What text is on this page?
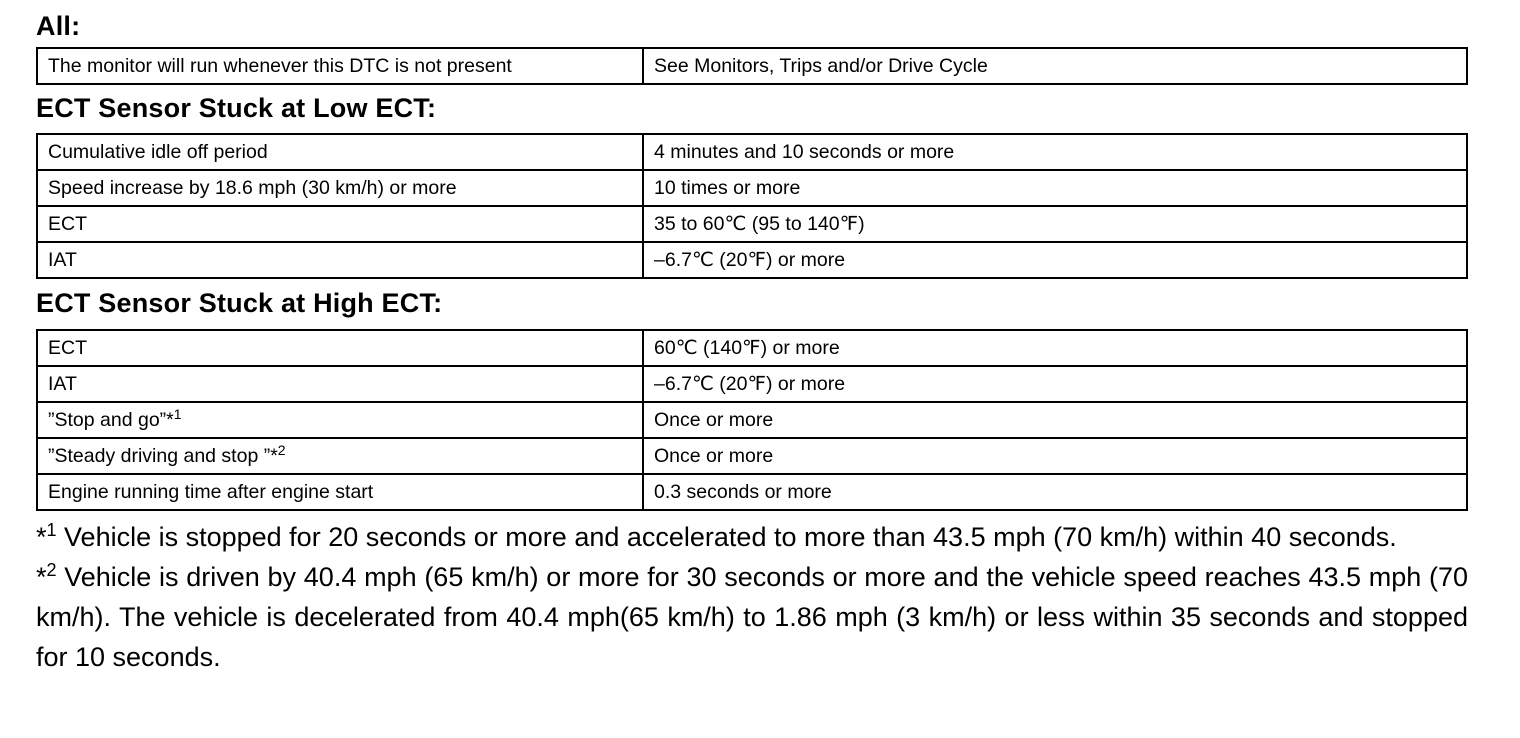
All:
The monitor will run whenever this DTC is not present	See Monitors, Trips and/or Drive Cycle
ECT Sensor Stuck at Low ECT:
Cumulative idle off period	4 minutes and 10 seconds or more
Speed increase by 18.6 mph (30 km/h) or more	10 times or more
ECT	35 to 60℃ (95 to 140℉)
IAT	–6.7℃ (20℉) or more
ECT Sensor Stuck at High ECT:
ECT	60℃ (140℉) or more
IAT	–6.7℃ (20℉) or more
”Stop and go”*$^1$	Once or more
”Steady driving and stop ”*$^2$	Once or more
Engine running time after engine start	0.3 seconds or more

*$^1$ Vehicle is stopped for 20 seconds or more and accelerated to more than 43.5 mph (70 km/h) within 40 seconds.

*$^2$ Vehicle is driven by 40.4 mph (65 km/h) or more for 30 seconds or more and the vehicle speed reaches 43.5 mph (70 km/h). The vehicle is decelerated from 40.4 mph(65 km/h) to 1.86 mph (3 km/h) or less within 35 seconds and stopped for 10 seconds.
